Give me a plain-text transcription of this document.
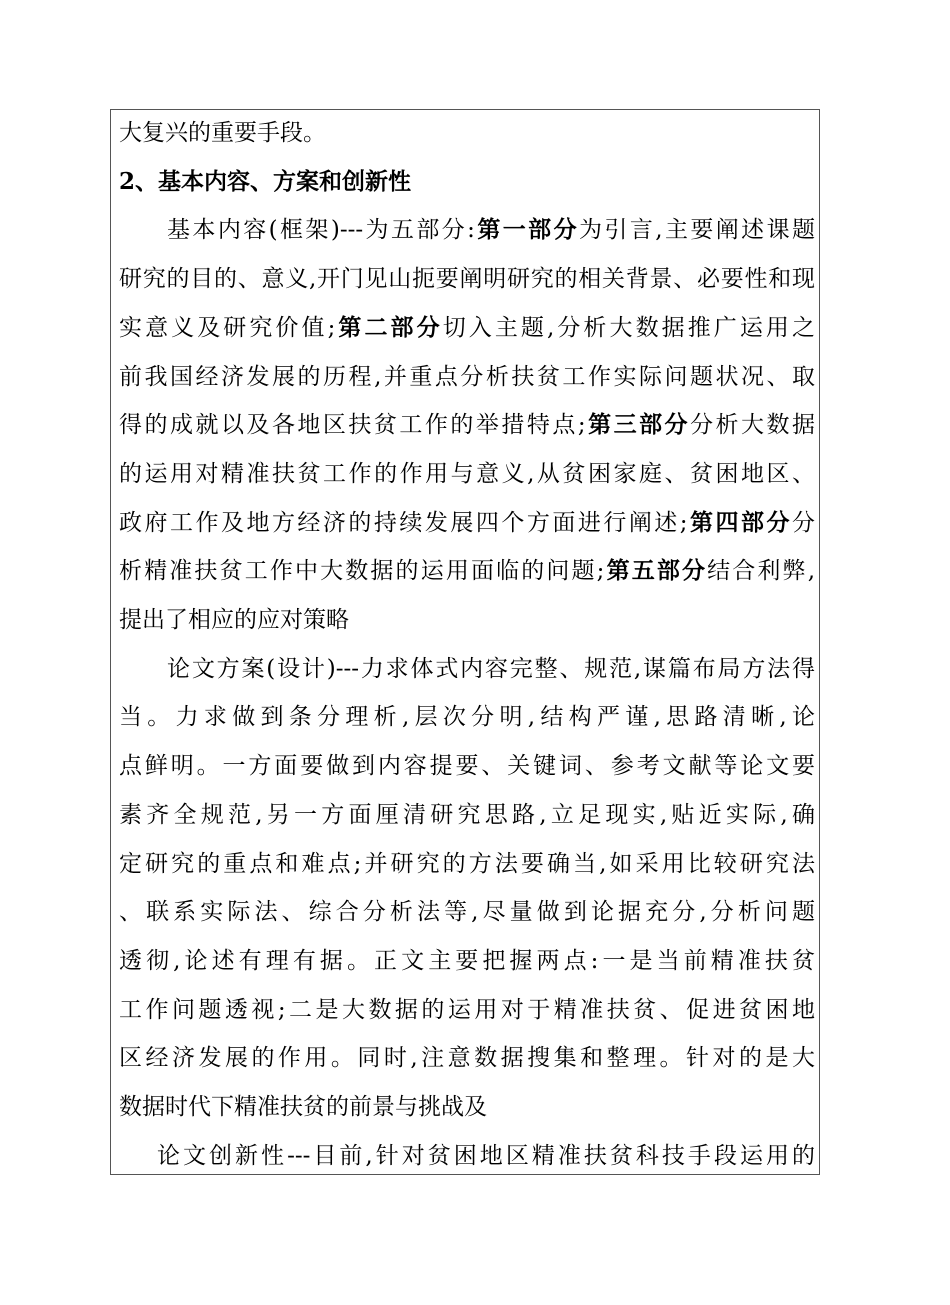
大复兴的重要手段。
2、基本内容、方案和创新性
基本内容(框架)---为五部分:第一部分为引言,主要阐述课题
研究的目的、意义,开门见山扼要阐明研究的相关背景、必要性和现
实意义及研究价值;第二部分切入主题,分析大数据推广运用之
前我国经济发展的历程,并重点分析扶贫工作实际问题状况、取
得的成就以及各地区扶贫工作的举措特点;第三部分分析大数据
的运用对精准扶贫工作的作用与意义,从贫困家庭、贫困地区、
政府工作及地方经济的持续发展四个方面进行阐述;第四部分分
析精准扶贫工作中大数据的运用面临的问题;第五部分结合利弊,
提出了相应的应对策略
论文方案(设计)---力求体式内容完整、规范,谋篇布局方法得
当。力求做到条分理析,层次分明,结构严谨,思路清晰,论
点鲜明。一方面要做到内容提要、关键词、参考文献等论文要
素齐全规范,另一方面厘清研究思路,立足现实,贴近实际,确
定研究的重点和难点;并研究的方法要确当,如采用比较研究法
、联系实际法、综合分析法等,尽量做到论据充分,分析问题
透彻,论述有理有据。正文主要把握两点:一是当前精准扶贫
工作问题透视;二是大数据的运用对于精准扶贫、促进贫困地
区经济发展的作用。同时,注意数据搜集和整理。针对的是大
数据时代下精准扶贫的前景与挑战及
论文创新性---目前,针对贫困地区精准扶贫科技手段运用的
